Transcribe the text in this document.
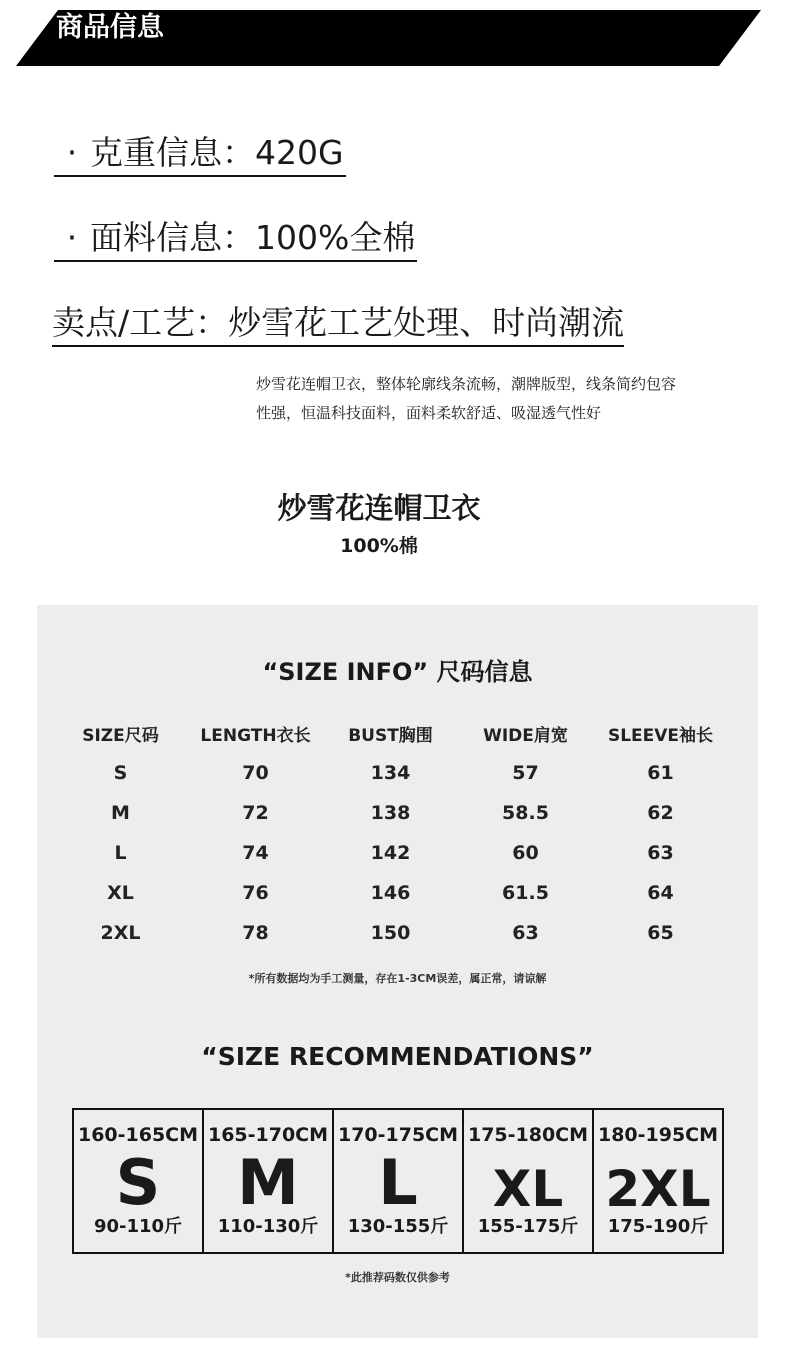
商品信息
· 克重信息：420G
· 面料信息：100%全棉
卖点/工艺：炒雪花工艺处理、时尚潮流
炒雪花连帽卫衣，整体轮廓线条流畅，潮牌版型，线条简约包容
性强，恒温科技面料，面料柔软舒适、吸湿透气性好
炒雪花连帽卫衣
100%棉
“SIZE INFO” 尺码信息
SIZE尺码	LENGTH衣长	BUST胸围	WIDE肩宽	SLEEVE袖长
S	70	134	57	61
M	72	138	58.5	62
L	74	142	60	63
XL	76	146	61.5	64
2XL	78	150	63	65
*所有数据均为手工测量，存在1-3CM误差，属正常，请谅解
“SIZE RECOMMENDATIONS”
160-165CM
S
90-110斤
165-170CM
M
110-130斤
170-175CM
L
130-155斤
175-180CM
XL
155-175斤
180-195CM
2XL
175-190斤
*此推荐码数仅供参考
